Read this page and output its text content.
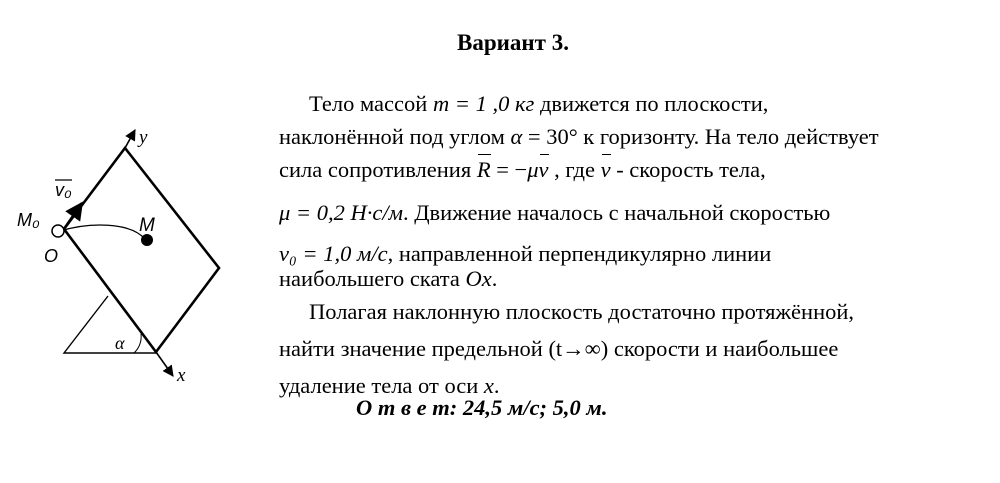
Вариант 3.
y
x
v₀
M₀
O
M
α
Тело массой m = 1 ,0 кг движется по плоскости,
наклонённой под углом α = 30° к горизонту. На тело действует
сила сопротивления R = −μv , где v - скорость тела,
μ = 0,2 Н·с/м. Движение началось с начальной скоростью
v₀ = 1,0 м/с, направленной перпендикулярно линии
наибольшего ската Ox.
Полагая наклонную плоскость достаточно протяжённой,
найти значение предельной (t→∞) скорости и наибольшее
удаление тела от оси x.
О т в е т: 24,5 м/с; 5,0 м.
